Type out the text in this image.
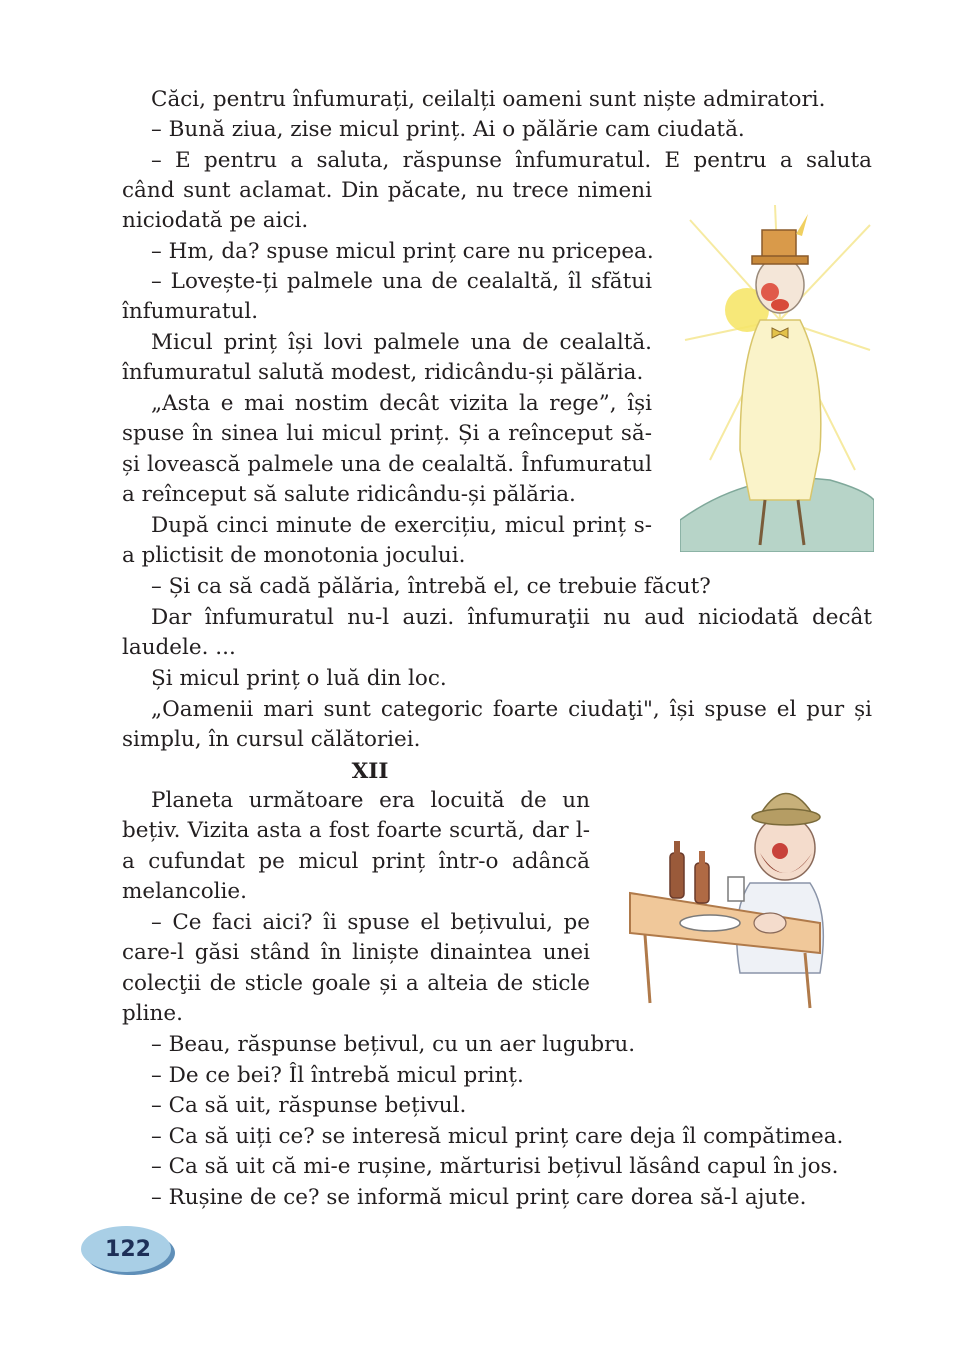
Căci, pentru înfumurați, ceilalți oameni sunt niște admiratori.

– Bună ziua, zise micul prinț. Ai o pălărie cam ciudată.

– E pentru a saluta, răspunse înfumuratul. E pentru a saluta

când sunt aclamat. Din păcate, nu trece nimeni

niciodată pe aici.

– Hm, da? spuse micul prinț care nu pricepea.

– Lovește-ți palmele una de cealaltă, îl sfătui

înfumuratul.

Micul prinț își lovi palmele una de cealaltă.

înfumuratul salută modest, ridicându-și pălăria.

„Asta e mai nostim decât vizita la rege”, își

spuse în sinea lui micul prinț. Și a reînceput să-

și lovească palmele una de cealaltă. Înfumuratul

a reînceput să salute ridicându-și pălăria.

După cinci minute de exercițiu, micul prinț s-

a plictisit de monotonia jocului.

– Și ca să cadă pălăria, întrebă el, ce trebuie făcut?

Dar înfumuratul nu-l auzi. înfumuraţii nu aud niciodată decât

laudele. ...

Și micul prinț o luă din loc.

„Oamenii mari sunt categoric foarte ciudaţi", își spuse el pur și

simplu, în cursul călătoriei.

XII

Planeta următoare era locuită de un

bețiv. Vizita asta a fost foarte scurtă, dar l-

a cufundat pe micul prinț într-o adâncă

melancolie.

– Ce faci aici? îi spuse el bețivului, pe

care-l găsi stând în liniște dinaintea unei

colecţii de sticle goale și a alteia de sticle

pline.

– Beau, răspunse bețivul, cu un aer lugubru.

– De ce bei? Îl întrebă micul prinț.

– Ca să uit, răspunse bețivul.

– Ca să uiți ce? se interesă micul prinț care deja îl compătimea.

– Ca să uit că mi-e rușine, mărturisi bețivul lăsând capul în jos.

– Rușine de ce? se informă micul prinț care dorea să-l ajute.

122
